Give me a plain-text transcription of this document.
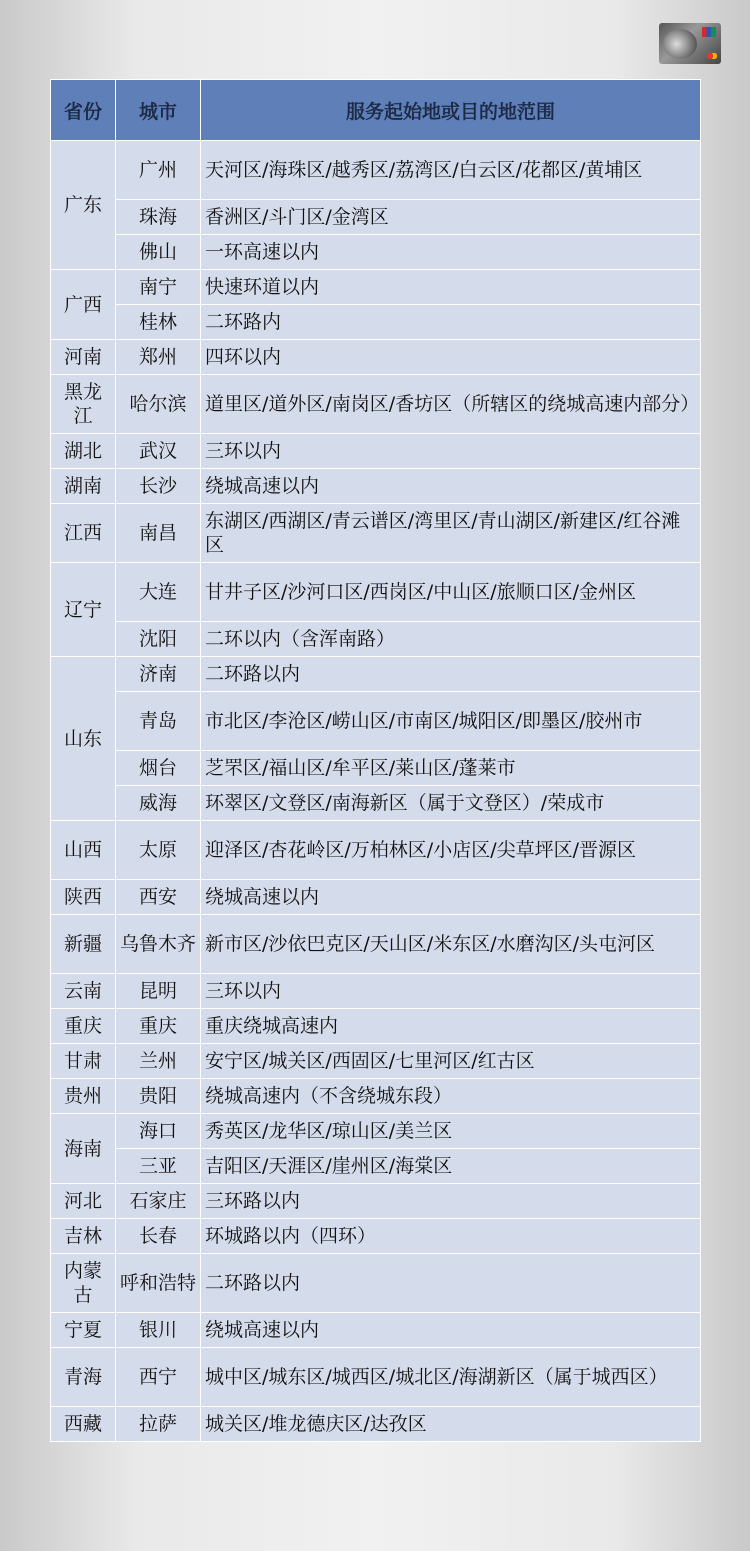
省份	城市	服务起始地或目的地范围
广东	广州	天河区/海珠区/越秀区/荔湾区/白云区/花都区/黄埔区
	珠海	香洲区/斗门区/金湾区
	佛山	一环高速以内
广西	南宁	快速环道以内
	桂林	二环路内
河南	郑州	四环以内
黑龙江	哈尔滨	道里区/道外区/南岗区/香坊区（所辖区的绕城高速内部分）
湖北	武汉	三环以内
湖南	长沙	绕城高速以内
江西	南昌	东湖区/西湖区/青云谱区/湾里区/青山湖区/新建区/红谷滩区
辽宁	大连	甘井子区/沙河口区/西岗区/中山区/旅顺口区/金州区
	沈阳	二环以内（含浑南路）
山东	济南	二环路以内
	青岛	市北区/李沧区/崂山区/市南区/城阳区/即墨区/胶州市
	烟台	芝罘区/福山区/牟平区/莱山区/蓬莱市
	威海	环翠区/文登区/南海新区（属于文登区）/荣成市
山西	太原	迎泽区/杏花岭区/万柏林区/小店区/尖草坪区/晋源区
陕西	西安	绕城高速以内
新疆	乌鲁木齐	新市区/沙依巴克区/天山区/米东区/水磨沟区/头屯河区
云南	昆明	三环以内
重庆	重庆	重庆绕城高速内
甘肃	兰州	安宁区/城关区/西固区/七里河区/红古区
贵州	贵阳	绕城高速内（不含绕城东段）
海南	海口	秀英区/龙华区/琼山区/美兰区
	三亚	吉阳区/天涯区/崖州区/海棠区
河北	石家庄	三环路以内
吉林	长春	环城路以内（四环）
内蒙古	呼和浩特	二环路以内
宁夏	银川	绕城高速以内
青海	西宁	城中区/城东区/城西区/城北区/海湖新区（属于城西区）
西藏	拉萨	城关区/堆龙德庆区/达孜区
